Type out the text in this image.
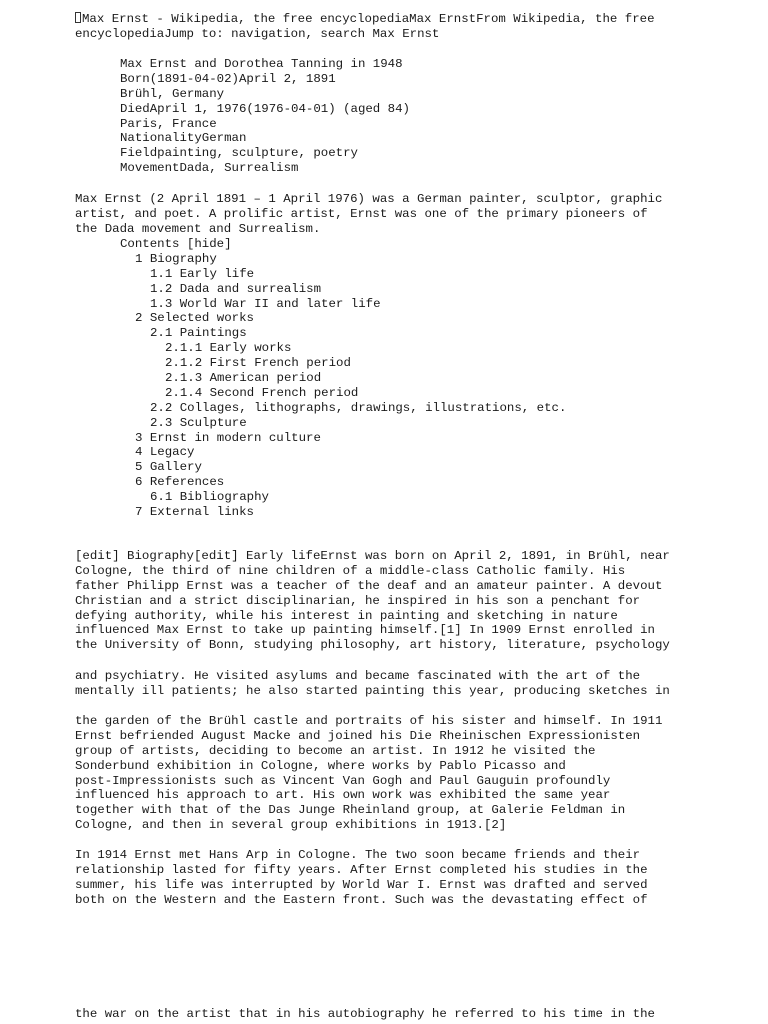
Max Ernst - Wikipedia, the free encyclopediaMax ErnstFrom Wikipedia, the free
encyclopediaJump to: navigation, search Max Ernst
Max Ernst and Dorothea Tanning in 1948
Born(1891-04-02)April 2, 1891
Brühl, Germany
DiedApril 1, 1976(1976-04-01) (aged 84)
Paris, France
NationalityGerman
Fieldpainting, sculpture, poetry
MovementDada, Surrealism
Max Ernst (2 April 1891 – 1 April 1976) was a German painter, sculptor, graphic
artist, and poet. A prolific artist, Ernst was one of the primary pioneers of
the Dada movement and Surrealism.
Contents [hide]
1 Biography
1.1 Early life
1.2 Dada and surrealism
1.3 World War II and later life
2 Selected works
2.1 Paintings
2.1.1 Early works
2.1.2 First French period
2.1.3 American period
2.1.4 Second French period
2.2 Collages, lithographs, drawings, illustrations, etc.
2.3 Sculpture
3 Ernst in modern culture
4 Legacy
5 Gallery
6 References
6.1 Bibliography
7 External links
[edit] Biography[edit] Early lifeErnst was born on April 2, 1891, in Brühl, near
Cologne, the third of nine children of a middle-class Catholic family. His
father Philipp Ernst was a teacher of the deaf and an amateur painter. A devout
Christian and a strict disciplinarian, he inspired in his son a penchant for
defying authority, while his interest in painting and sketching in nature
influenced Max Ernst to take up painting himself.[1] In 1909 Ernst enrolled in
the University of Bonn, studying philosophy, art history, literature, psychology
and psychiatry. He visited asylums and became fascinated with the art of the
mentally ill patients; he also started painting this year, producing sketches in
the garden of the Brühl castle and portraits of his sister and himself. In 1911
Ernst befriended August Macke and joined his Die Rheinischen Expressionisten
group of artists, deciding to become an artist. In 1912 he visited the
Sonderbund exhibition in Cologne, where works by Pablo Picasso and
post-Impressionists such as Vincent Van Gogh and Paul Gauguin profoundly
influenced his approach to art. His own work was exhibited the same year
together with that of the Das Junge Rheinland group, at Galerie Feldman in
Cologne, and then in several group exhibitions in 1913.[2]
In 1914 Ernst met Hans Arp in Cologne. The two soon became friends and their
relationship lasted for fifty years. After Ernst completed his studies in the
summer, his life was interrupted by World War I. Ernst was drafted and served
both on the Western and the Eastern front. Such was the devastating effect of
the war on the artist that in his autobiography he referred to his time in the
